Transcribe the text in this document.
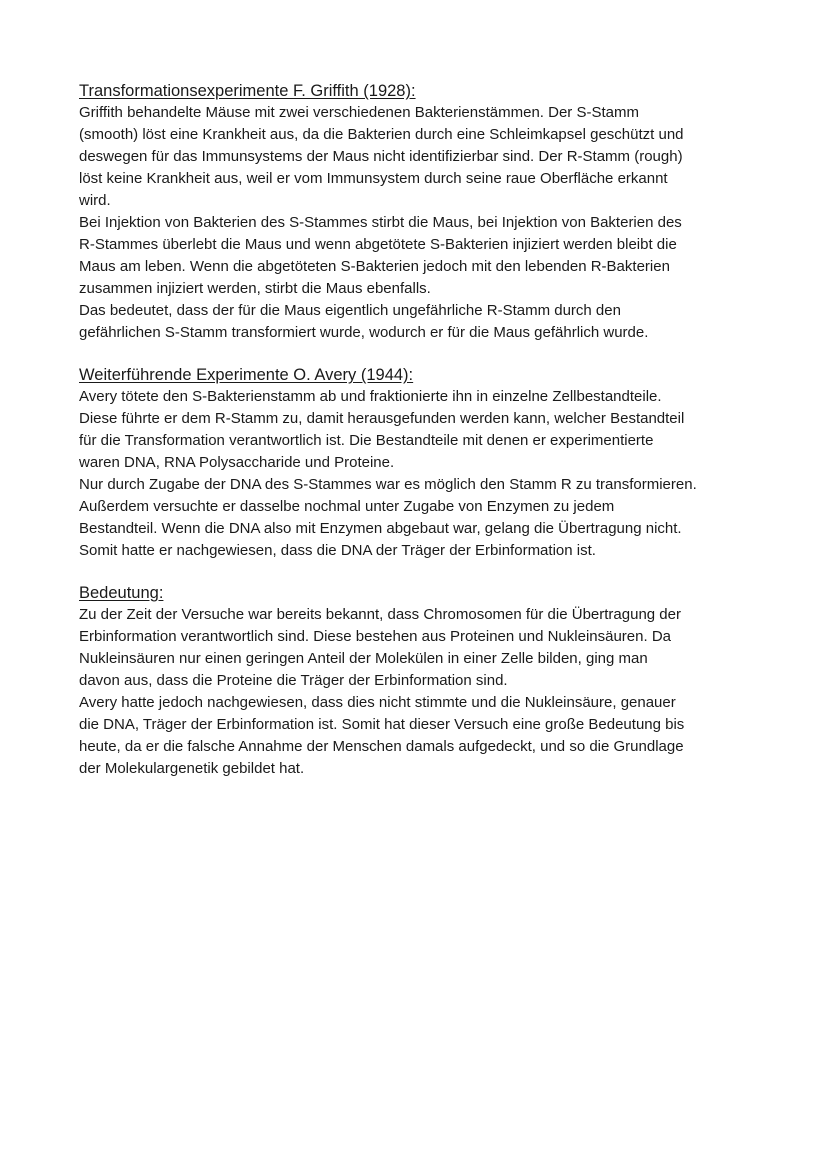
Transformationsexperimente F. Griffith (1928):

Griffith behandelte Mäuse mit zwei verschiedenen Bakterienstämmen. Der S-Stamm
(smooth) löst eine Krankheit aus, da die Bakterien durch eine Schleimkapsel geschützt und
deswegen für das Immunsystems der Maus nicht identifizierbar sind. Der R-Stamm (rough)
löst keine Krankheit aus, weil er vom Immunsystem durch seine raue Oberfläche erkannt
wird.

Bei Injektion von Bakterien des S-Stammes stirbt die Maus, bei Injektion von Bakterien des
R-Stammes überlebt die Maus und wenn abgetötete S-Bakterien injiziert werden bleibt die
Maus am leben. Wenn die abgetöteten S-Bakterien jedoch mit den lebenden R-Bakterien
zusammen injiziert werden, stirbt die Maus ebenfalls.

Das bedeutet, dass der für die Maus eigentlich ungefährliche R-Stamm durch den
gefährlichen S-Stamm transformiert wurde, wodurch er für die Maus gefährlich wurde.

Weiterführende Experimente O. Avery (1944):

Avery tötete den S-Bakterienstamm ab und fraktionierte ihn in einzelne Zellbestandteile.
Diese führte er dem R-Stamm zu, damit herausgefunden werden kann, welcher Bestandteil
für die Transformation verantwortlich ist. Die Bestandteile mit denen er experimentierte
waren DNA, RNA Polysaccharide und Proteine.

Nur durch Zugabe der DNA des S-Stammes war es möglich den Stamm R zu transformieren.
Außerdem versuchte er dasselbe nochmal unter Zugabe von Enzymen zu jedem
Bestandteil. Wenn die DNA also mit Enzymen abgebaut war, gelang die Übertragung nicht.
Somit hatte er nachgewiesen, dass die DNA der Träger der Erbinformation ist.

Bedeutung:

Zu der Zeit der Versuche war bereits bekannt, dass Chromosomen für die Übertragung der
Erbinformation verantwortlich sind. Diese bestehen aus Proteinen und Nukleinsäuren. Da
Nukleinsäuren nur einen geringen Anteil der Molekülen in einer Zelle bilden, ging man
davon aus, dass die Proteine die Träger der Erbinformation sind.

Avery hatte jedoch nachgewiesen, dass dies nicht stimmte und die Nukleinsäure, genauer
die DNA, Träger der Erbinformation ist. Somit hat dieser Versuch eine große Bedeutung bis
heute, da er die falsche Annahme der Menschen damals aufgedeckt, und so die Grundlage
der Molekulargenetik gebildet hat.
